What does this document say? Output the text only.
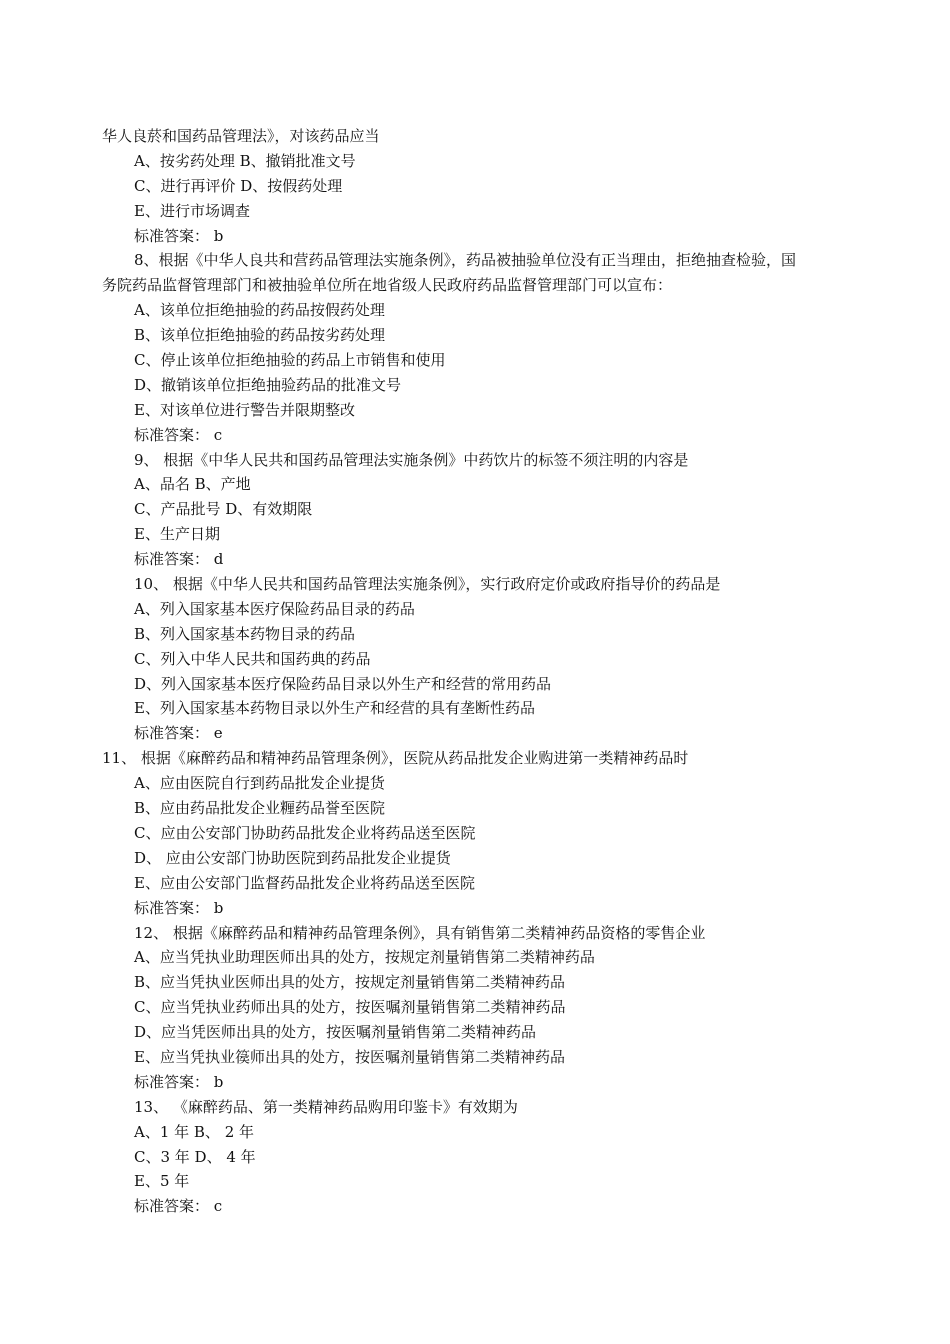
华人良菸和国药品管理法》，对该药品应当
A、按劣药处理 B、撤销批准文号
C、进行再评价 D、按假药处理
E、进行市场调查
标准答案： b
8、根据《中华人良共和营药品管理法实施条例》，药品被抽验单位没有正当理由，拒绝抽查检验，国
务院药品监督管理部门和被抽验单位所在地省级人民政府药品监督管理部门可以宣布：
A、该单位拒绝抽验的药品按假药处理
B、该单位拒绝抽验的药品按劣药处理
C、停止该单位拒绝抽验的药品上市销售和使用
D、撤销该单位拒绝抽验药品的批准文号
E、对该单位进行警告并限期整改
标准答案： c
9、 根据《中华人民共和国药品管理法实施条例》中药饮片的标签不须注明的内容是
A、品名 B、产地
C、产品批号 D、有效期限
E、生产日期
标准答案： d
10、 根据《中华人民共和国药品管理法实施条例》，实行政府定价或政府指导价的药品是
A、列入国家基本医疗保险药品目录的药品
B、列入国家基本药物目录的药品
C、列入中华人民共和国药典的药品
D、列入国家基本医疗保险药品目录以外生产和经营的常用药品
E、列入国家基本药物目录以外生产和经营的具有垄断性药品
标准答案： e
11、 根据《麻醉药品和精神药品管理条例》，医院从药品批发企业购进第一类精神药品时
A、应由医院自行到药品批发企业提货
B、应由药品批发企业糎药品誉至医院
C、应由公安部门协助药品批发企业将药品送至医院
D、 应由公安部门协助医院到药品批发企业提货
E、应由公安部门监督药品批发企业将药品送至医院
标准答案： b
12、 根据《麻醉药品和精神药品管理条例》，具有销售第二类精神药品资格的零售企业
A、应当凭执业助理医师出具的处方，按规定剂量销售第二类精神药品
B、应当凭执业医师出具的处方，按规定剂量销售第二类精神药品
C、应当凭执业药师出具的处方，按医嘱剂量销售第二类精神药品
D、应当凭医师出具的处方，按医嘱剂量销售第二类精神药品
E、应当凭执业篌师出具的处方，按医嘱剂量销售第二类精神药品
标准答案： b
13、 《麻醉药品、第一类精神药品购用印鉴卡》有效期为
A、1 年 B、 2 年
C、3 年 D、 4 年
E、5 年
标准答案： c
